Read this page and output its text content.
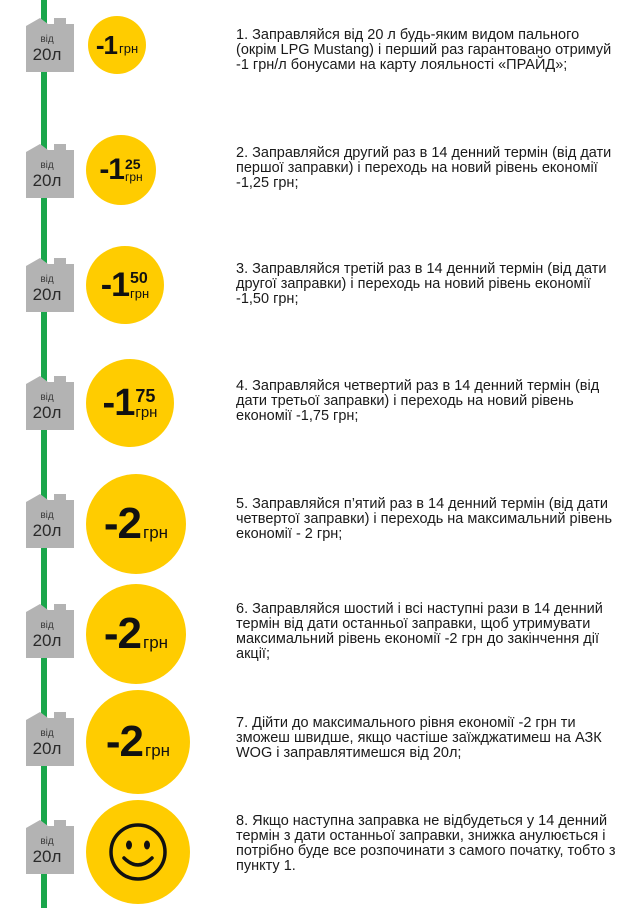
від
20л	-1 грн
1. Заправляйся від 20 л будь-яким видом пального (окрім LPG Mustang) і перший раз гарантовано отримуй -1 грн/л бонусами на карту лояльності «ПРАЙД»;
від
20л	-1 25
грн
2. Заправляйся другий раз в 14 денний термін (від дати першої заправки) і переходь на новий рівень економії -1,25 грн;
від
20л	-1 50
грн
3. Заправляйся третій раз в 14 денний термін (від дати другої заправки) і переходь на новий рівень економії -1,50 грн;
від
20л	-1 75
грн
4. Заправляйся четвертий раз в 14 денний термін (від дати третьої заправки) і переходь на новий рівень економії -1,75 грн;
від
20л -2 грн
5. Заправляйся п’ятий раз в 14 денний термін (від дати четвертої заправки) і переходь на максимальний рівень економії - 2 грн;
від
20л -2 грн
6. Заправляйся шостий і всі наступні рази в 14 денний термін від дати останньої заправки, щоб утримувати максимальний рівень економії -2 грн до закінчення дії акції;
від
20л	-2 грн
7. Дійти до максимального рівня економії -2 грн ти зможеш швидше, якщо частіше заїжджатимеш на АЗК WOG і заправлятимешся від 20л;
від
20л
8. Якщо наступна заправка не відбудеться у 14 денний термін з дати останньої заправки, знижка анулюється і потрібно буде все розпочинати з самого початку, тобто з пункту 1.
